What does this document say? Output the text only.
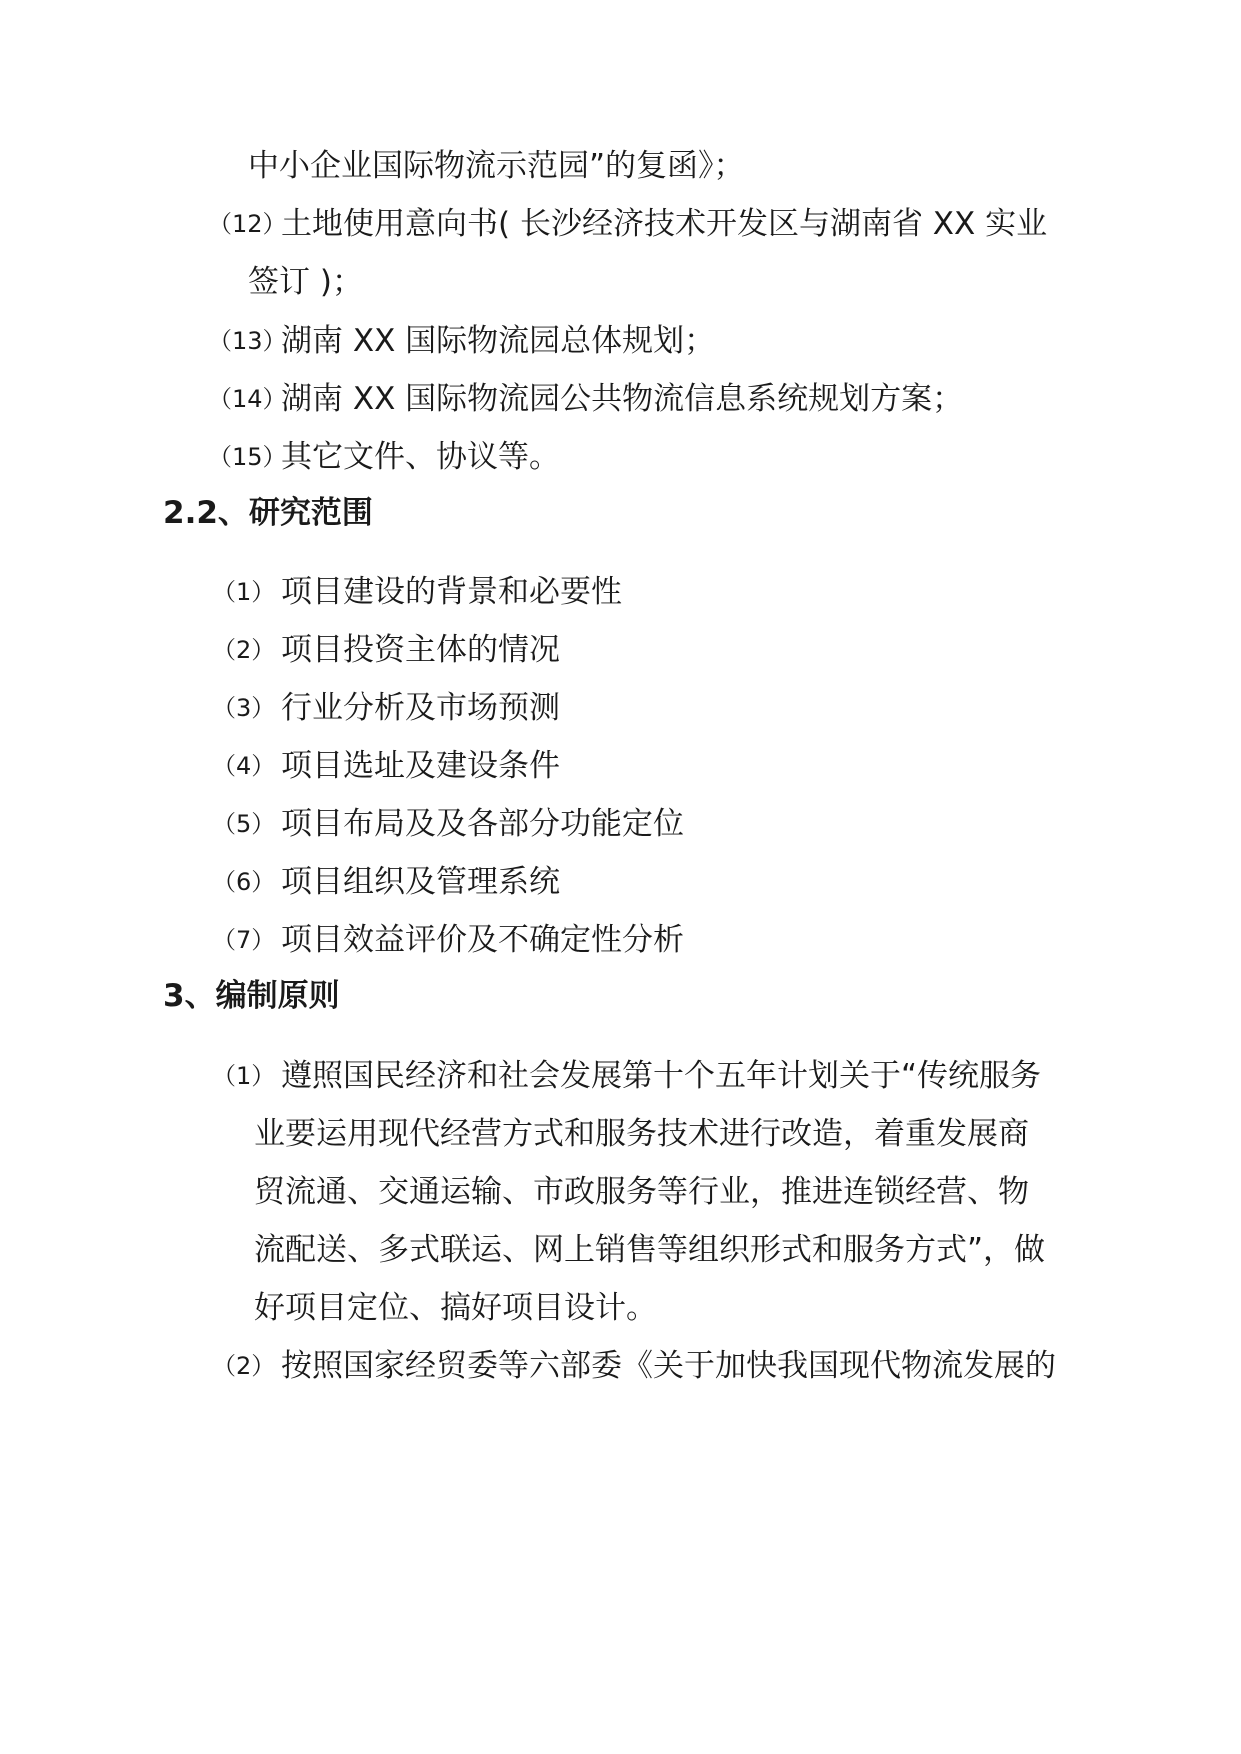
中小企业国际物流示范园”的复函》；
（12）
土地使用意向书( 长沙经济技术开发区与湖南省 XX 实业
签订 )；
（13）
湖南 XX 国际物流园总体规划；
（14）
湖南 XX 国际物流园公共物流信息系统规划方案；
（15）
其它文件、协议等。
2.2、研究范围
（1） 项目建设的背景和必要性
（2） 项目投资主体的情况
（3） 行业分析及市场预测
（4） 项目选址及建设条件
（5） 项目布局及及各部分功能定位
（6） 项目组织及管理系统
（7） 项目效益评价及不确定性分析
3、编制原则
（1） 遵照国民经济和社会发展第十个五年计划关于“传统服务
业要运用现代经营方式和服务技术进行改造，着重发展商
贸流通、交通运输、市政服务等行业，推进连锁经营、物
流配送、多式联运、网上销售等组织形式和服务方式”，做
好项目定位、搞好项目设计。
（2） 按照国家经贸委等六部委《关于加快我国现代物流发展的
